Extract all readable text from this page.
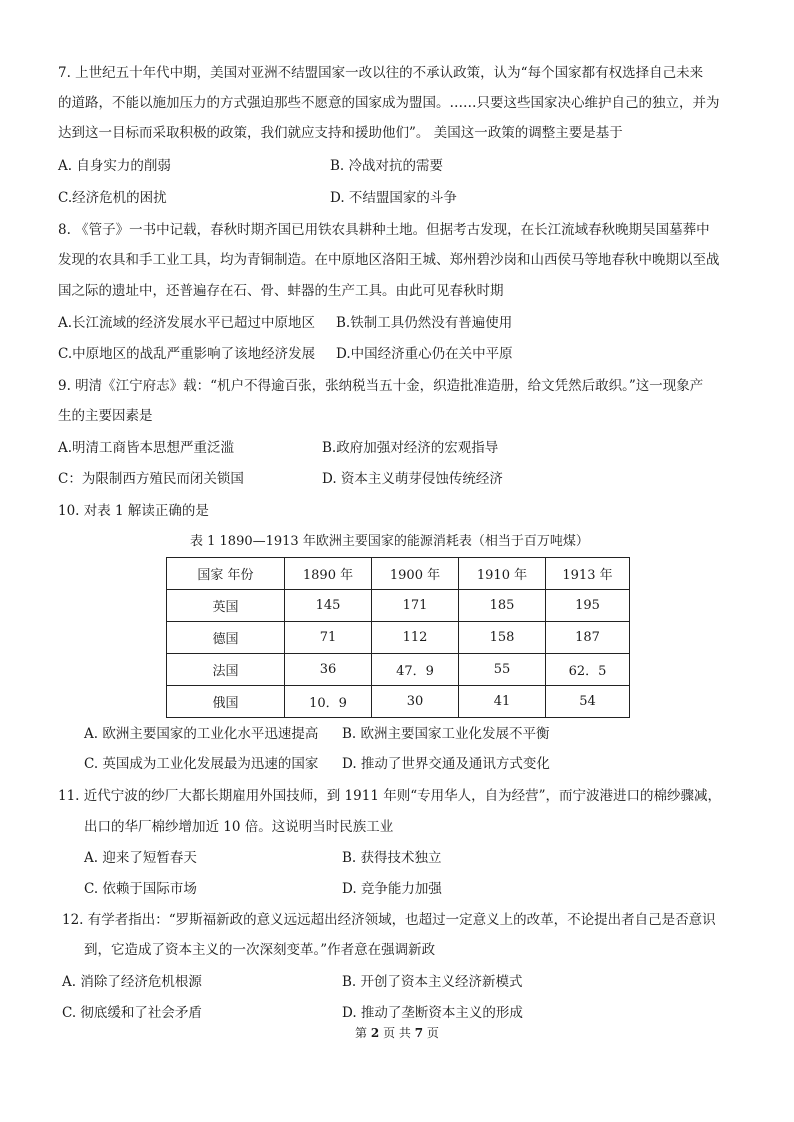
7. 上世纪五十年代中期，美国对亚洲不结盟国家一改以往的不承认政策，认为“每个国家都有权选择自己未来
的道路，不能以施加压力的方式强迫那些不愿意的国家成为盟国。……只要这些国家决心维护自己的独立，并为
达到这一目标而采取积极的政策，我们就应支持和援助他们”。 美国这一政策的调整主要是基于
A. 自身实力的削弱	B. 冷战对抗的需要
C.经济危机的困扰	D. 不结盟国家的斗争
8. 《管子》一书中记载，春秋时期齐国已用铁农具耕种土地。但据考古发现，在长江流域春秋晚期吴国墓葬中
发现的农具和手工业工具，均为青铜制造。在中原地区洛阳王城、郑州碧沙岗和山西侯马等地春秋中晚期以至战
国之际的遗址中，还普遍存在石、骨、蚌器的生产工具。由此可见春秋时期
A.长江流域的经济发展水平已超过中原地区 B.铁制工具仍然没有普遍使用
C.中原地区的战乱严重影响了该地经济发展 D.中国经济重心仍在关中平原
9. 明清《江宁府志》载：“机户不得逾百张，张纳税当五十金，织造批准造册，给文凭然后敢织。”这一现象产
生的主要因素是
A.明清工商皆本思想严重泛滥	B.政府加强对经济的宏观指导
C：为限制西方殖民而闭关锁国	D. 资本主义萌芽侵蚀传统经济
10. 对表 1 解读正确的是
表 1 1890—1913 年欧洲主要国家的能源消耗表（相当于百万吨煤）
国家 年份	1890 年	1900 年	1910 年	1913 年
英国	145	171	185	195
德国	71	112	158	187
法国	36	47．9	55	62．5
俄国	10．9	30	41	54
A. 欧洲主要国家的工业化水平迅速提高 B. 欧洲主要国家工业化发展不平衡
C. 英国成为工业化发展最为迅速的国家 D. 推动了世界交通及通讯方式变化
11. 近代宁波的纱厂大都长期雇用外国技师，到 1911 年则“专用华人，自为经营”，而宁波港进口的棉纱骤减，
出口的华厂棉纱增加近 10 倍。这说明当时民族工业
A. 迎来了短暂春天	B. 获得技术独立
C. 依赖于国际市场	D. 竞争能力加强
12. 有学者指出：“罗斯福新政的意义远远超出经济领域，也超过一定意义上的改革，不论提出者自己是否意识
到，它造成了资本主义的一次深刻变革。”作者意在强调新政
A. 消除了经济危机根源	B. 开创了资本主义经济新模式
C. 彻底缓和了社会矛盾	D. 推动了垄断资本主义的形成
第 2 页 共 7 页
